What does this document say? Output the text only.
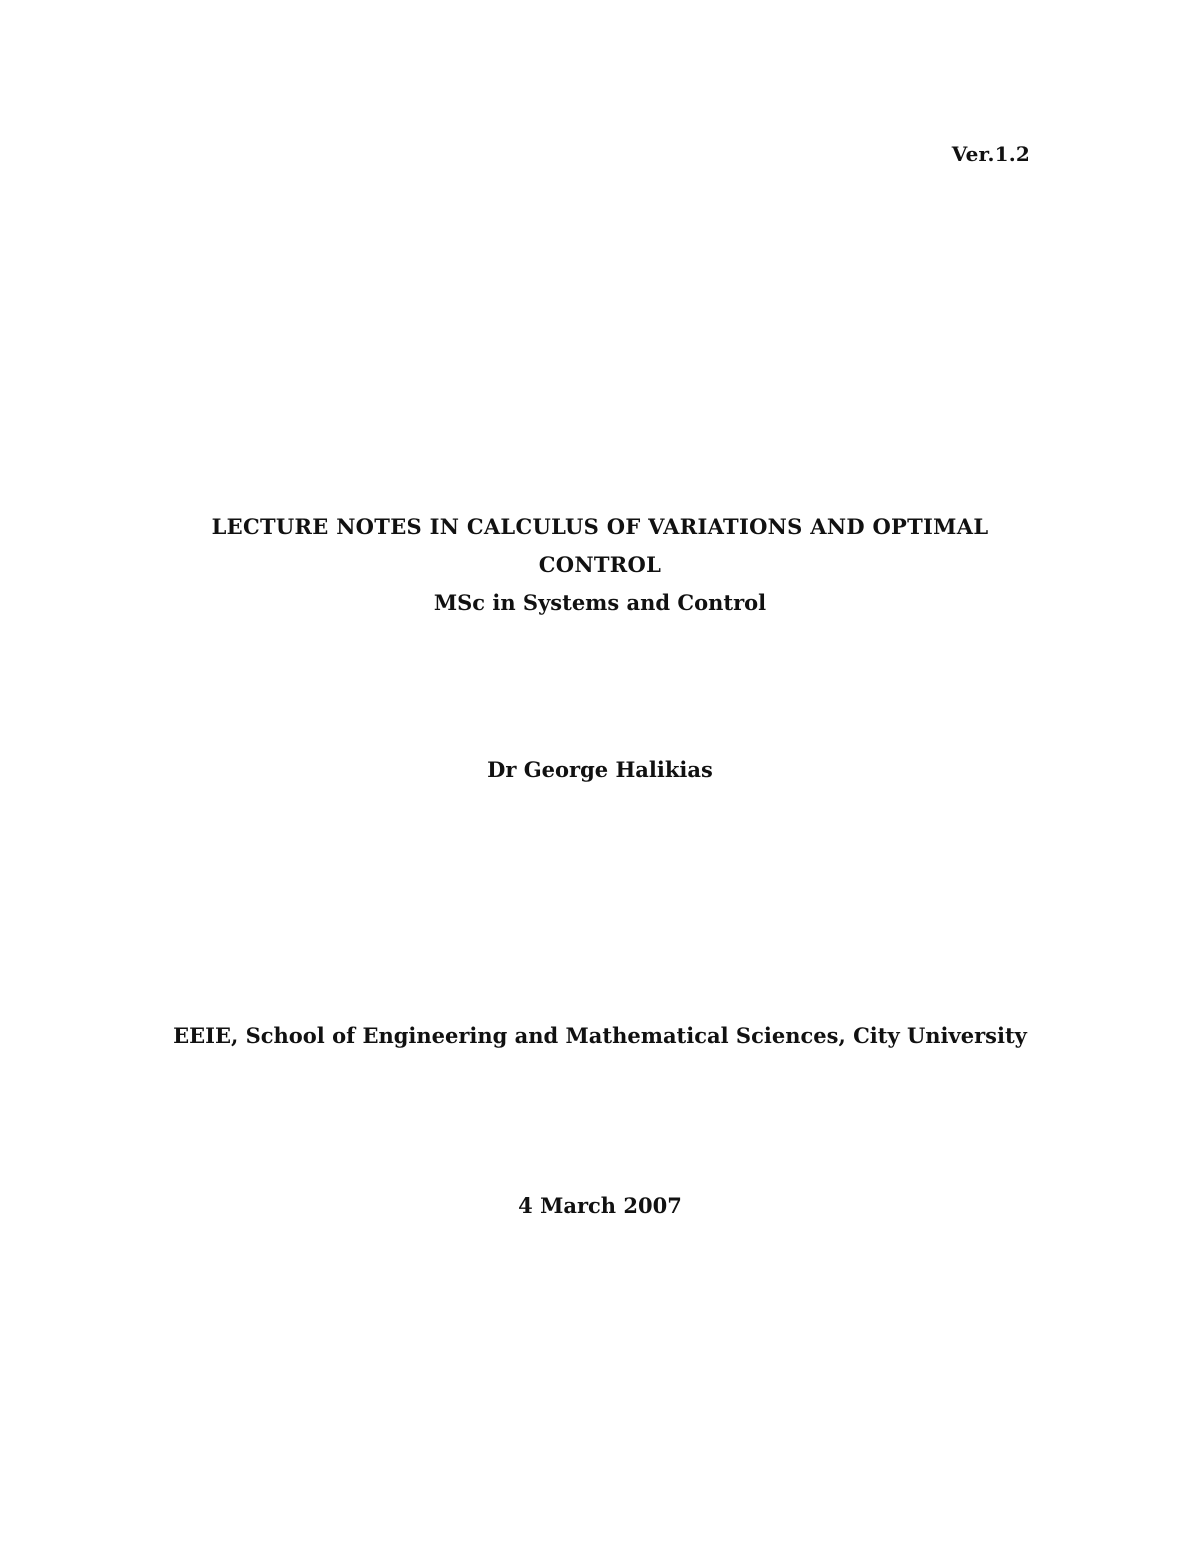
Ver.1.2
LECTURE NOTES IN CALCULUS OF VARIATIONS AND OPTIMAL CONTROL
MSc in Systems and Control
Dr George Halikias
EEIE, School of Engineering and Mathematical Sciences, City University
4 March 2007
